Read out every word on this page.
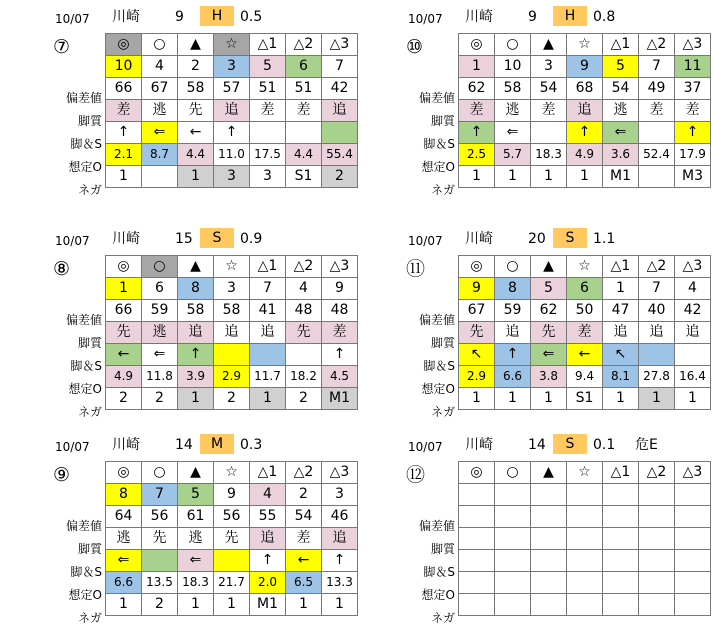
10/07 川崎	9	H	0.5
⑦
偏差値
脚質
脚＆S
想定O
ネガ
◎	○	▲	☆	△1	△2	△3
10	4	2	3	5	6	7
66	67	58	57	51	51	42
差	逃	先	追	差	差	追
↑	⇐	←	↑			
2.1	8.7	4.4	11.0	17.5	4.4	55.4
1		1	3	3	S1	2
10/07 川崎	9	H	0.8
⑩
偏差値
脚質
脚＆S
想定O
ネガ
◎	○	▲	☆	△1	△2	△3
1	10	3	9	5	7	11
62	58	54	68	54	49	37
差	逃	差	追	逃	差	差
↑	⇐		↑	⇐		↑
2.5	5.7	18.3	4.9	3.6	52.4	17.9
1	1	1	1	M1		M3
10/07 川崎	15	S	0.9
⑧
偏差値
脚質
脚＆S
想定O
ネガ
◎	○	▲	☆	△1	△2	△3
1	6	8	3	7	4	9
66	59	58	58	41	48	48
先	逃	追	追	追	先	差
←	⇐	↑				↑
4.9	11.8	3.9	2.9	11.7	18.2	4.5
2	2	1	2	1	2	M1
10/07 川崎	20	S	1.1
⑪
偏差値
脚質
脚＆S
想定O
ネガ
◎	○	▲	☆	△1	△2	△3
9	8	5	6	1	7	4
67	59	62	50	47	40	42
先	追	先	差	追	追	追
↖	↑	⇐	←	↖		
2.9	6.6	3.8	9.4	8.1	27.8	16.4
1	1	1	S1	1	1	1
10/07 川崎	14	M	0.3
⑨
偏差値
脚質
脚＆S
想定O
ネガ
◎	○	▲	☆	△1	△2	△3
8	7	5	9	4	2	3
64	56	61	56	55	54	46
逃	先	逃	先	追	差	追
⇐		⇐		↑	←	↑
6.6	13.5	18.3	21.7	2.0	6.5	13.3
1	2	1	1	M1	1	1
10/07 川崎	14	S	0.1 危E
⑫
偏差値
脚質
脚＆S
想定O
ネガ
◎	○	▲	☆	△1	△2	△3
